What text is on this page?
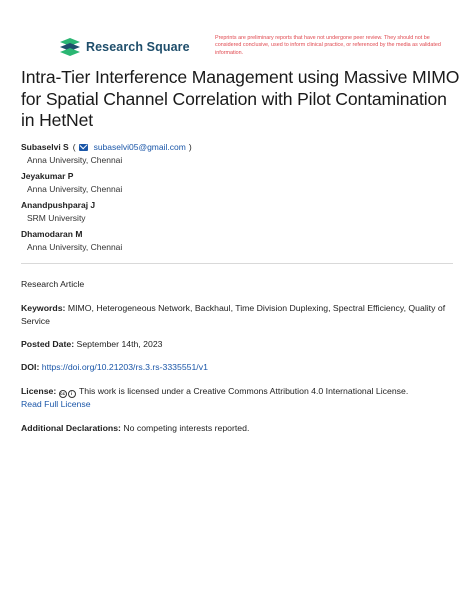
Research Square
Preprints are preliminary reports that have not undergone peer review. They should not be considered conclusive, used to inform clinical practice, or referenced by the media as validated information.
Intra-Tier Interference Management using Massive MIMO for Spatial Channel Correlation with Pilot Contamination in HetNet
Subaselvi S ( subaselvi05@gmail.com )
Anna University, Chennai
Jeyakumar P
Anna University, Chennai
Anandpushparaj J
SRM University
Dhamodaran M
Anna University, Chennai
Research Article
Keywords: MIMO, Heterogeneous Network, Backhaul, Time Division Duplexing, Spectral Efficiency, Quality of Service
Posted Date: September 14th, 2023
DOI: https://doi.org/10.21203/rs.3.rs-3335551/v1
License: cc i This work is licensed under a Creative Commons Attribution 4.0 International License.
Read Full License
Additional Declarations: No competing interests reported.
